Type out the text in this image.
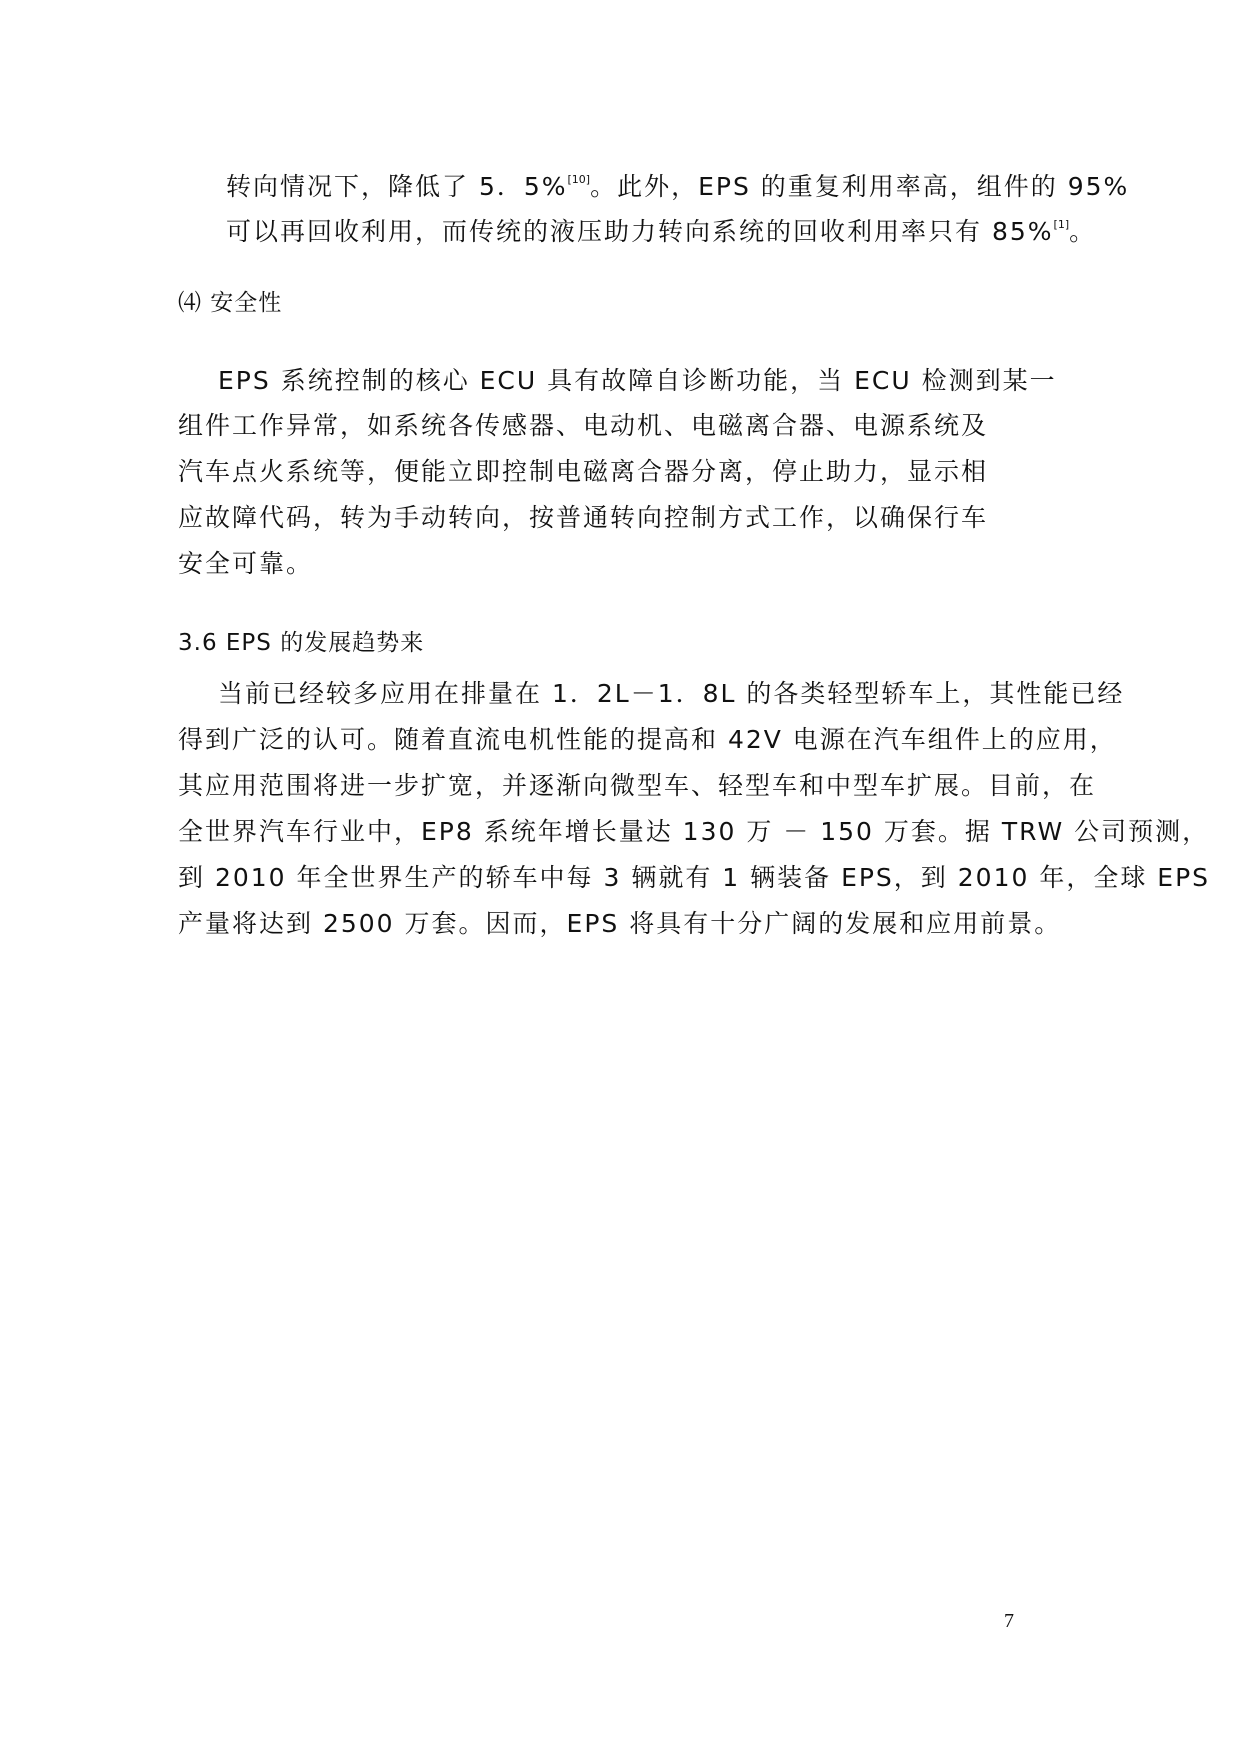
转向情况下，降低了 5．5%[10]。此外，EPS 的重复利用率高，组件的 95%
可以再回收利用，而传统的液压助力转向系统的回收利用率只有 85%[1]。
⑷ 安全性
EPS 系统控制的核心 ECU 具有故障自诊断功能，当 ECU 检测到某一
组件工作异常，如系统各传感器、电动机、电磁离合器、电源系统及
汽车点火系统等，便能立即控制电磁离合器分离，停止助力，显示相
应故障代码，转为手动转向，按普通转向控制方式工作，以确保行车
安全可靠。
3.6 EPS 的发展趋势来
当前已经较多应用在排量在 1．2L－1．8L 的各类轻型轿车上，其性能已经
得到广泛的认可。随着直流电机性能的提高和 42V 电源在汽车组件上的应用，
其应用范围将进一步扩宽，并逐渐向微型车、轻型车和中型车扩展。目前，在
全世界汽车行业中，EP8 系统年增长量达 130 万 － 150 万套。据 TRW 公司预测，
到 2010 年全世界生产的轿车中每 3 辆就有 1 辆装备 EPS，到 2010 年，全球 EPS
产量将达到 2500 万套。因而，EPS 将具有十分广阔的发展和应用前景。
7
